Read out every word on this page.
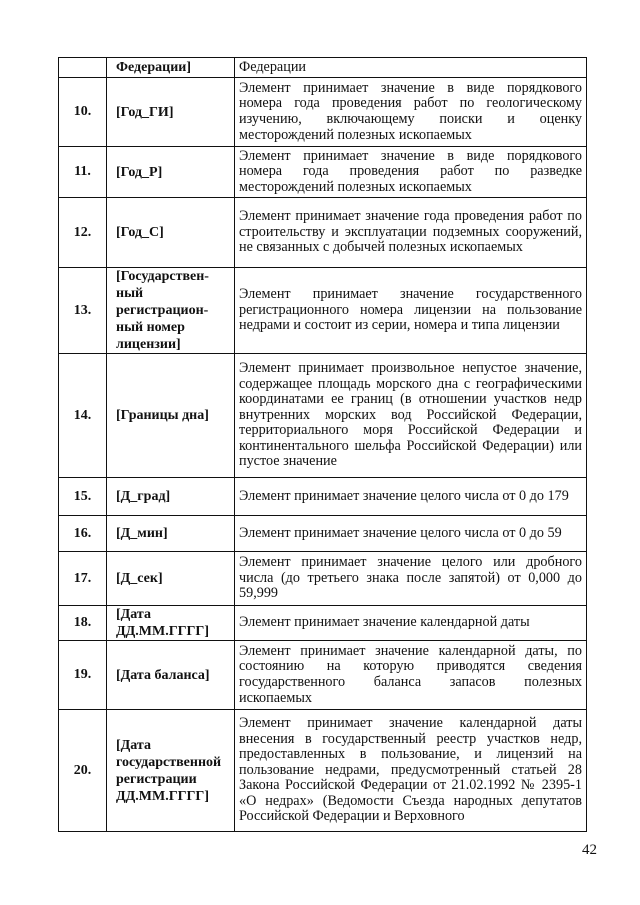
	Федерации]	Федерации
10.	[Год_ГИ]	Элемент принимает значение в виде порядкового номера года проведения работ по геологическому изучению, включающему поиски и оценку месторождений полезных ископаемых
11.	[Год_Р]	Элемент принимает значение в виде порядкового номера года проведения работ по разведке месторождений полезных ископаемых
12.	[Год_С]	Элемент принимает значение года проведения работ по строительству и эксплуатации подземных сооружений, не связанных с добычей полезных ископаемых
13.	[Государствен-ный регистрацион-ный номер лицензии]	Элемент принимает значение государственного регистрационного номера лицензии на пользование недрами и состоит из серии, номера и типа лицензии
14.	[Границы дна]	Элемент принимает произвольное непустое значение, содержащее площадь морского дна с географическими координатами ее границ (в отношении участков недр внутренних морских вод Российской Федерации, территориального моря Российской Федерации и континентального шельфа Российской Федерации) или пустое значение
15.	[Д_град]	Элемент принимает значение целого числа от 0 до 179
16.	[Д_мин]	Элемент принимает значение целого числа от 0 до 59
17.	[Д_сек]	Элемент принимает значение целого или дробного числа (до третьего знака после запятой) от 0,000 до 59,999
18.	[Дата ДД.ММ.ГГГГ]	Элемент принимает значение календарной даты
19.	[Дата баланса]	Элемент принимает значение календарной даты, по состоянию на которую приводятся сведения государственного баланса запасов полезных ископаемых
20.	[Дата государственной регистрации ДД.ММ.ГГГГ]	Элемент принимает значение календарной даты внесения в государственный реестр участков недр, предоставленных в пользование, и лицензий на пользование недрами, предусмотренный статьей 28 Закона Российской Федерации от 21.02.1992 № 2395-1 «О недрах» (Ведомости Съезда народных депутатов Российской Федерации и Верховного
42
